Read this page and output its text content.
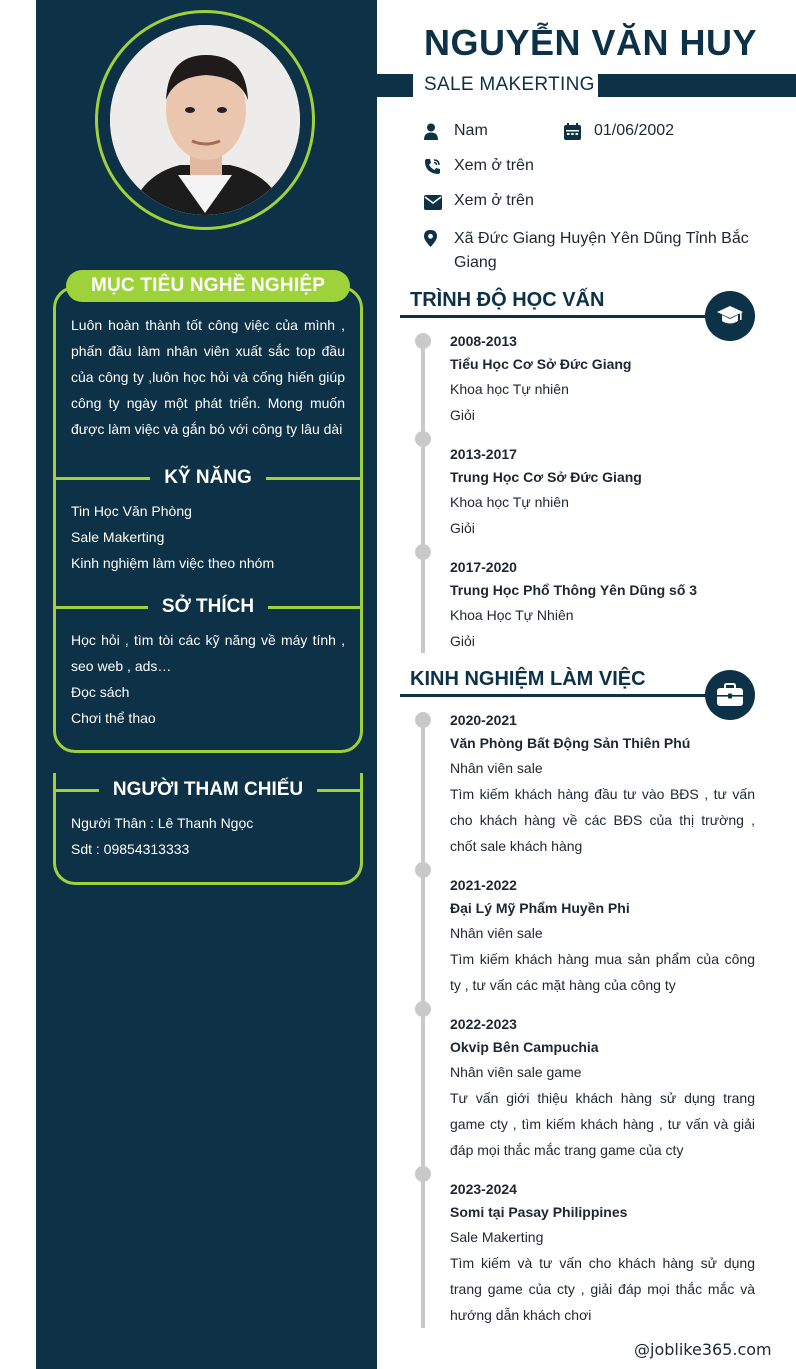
MỤC TIÊU NGHỀ NGHIỆP
Luôn hoàn thành tốt công việc của mình , phấn đầu làm nhân viên xuất sắc top đầu của công ty ,luôn học hỏi và cống hiến giúp công ty ngày một phát triển. Mong muốn được làm việc và gắn bó với công ty lâu dài
KỸ NĂNG
Tin Học Văn Phòng
Sale Makerting
Kinh nghiệm làm việc theo nhóm
SỞ THÍCH
Học hỏi , tìm tòi các kỹ năng về máy tính , seo web , ads…
Đọc sách
Chơi thể thao
NGƯỜI THAM CHIẾU
Người Thân : Lê Thanh Ngọc
Sdt : 09854313333
NGUYỄN VĂN HUY
SALE MAKERTING
Nam	01/06/2002
Xem ở trên
Xem ở trên
Xã Đức Giang Huyện Yên Dũng Tỉnh Bắc Giang
TRÌNH ĐỘ HỌC VẤN
2008-2013
Tiểu Học Cơ Sở Đức Giang
Khoa học Tự nhiên
Giỏi
2013-2017
Trung Học Cơ Sở Đức Giang
Khoa học Tự nhiên
Giỏi
2017-2020
Trung Học Phổ Thông Yên Dũng số 3
Khoa Học Tự Nhiên
Giỏi
KINH NGHIỆM LÀM VIỆC
2020-2021
Văn Phòng Bất Động Sản Thiên Phú
Nhân viên sale
Tìm kiếm khách hàng đầu tư vào BĐS , tư vấn cho khách hàng về các BĐS của thị trường , chốt sale khách hàng
2021-2022
Đại Lý Mỹ Phẩm Huyền Phi
Nhân viên sale
Tìm kiếm khách hàng mua sản phẩm của công ty , tư vấn các mặt hàng của công ty
2022-2023
Okvip Bên Campuchia
Nhân viên sale game
Tư vấn giới thiệu khách hàng sử dụng trang game cty , tìm kiếm khách hàng , tư vấn và giải đáp mọi thắc mắc trang game của cty
2023-2024
Somi tại Pasay Philippines
Sale Makerting
Tìm kiếm và tư vấn cho khách hàng sử dụng trang game của cty , giải đáp mọi thắc mắc và hướng dẫn khách chơi
@joblike365.com
